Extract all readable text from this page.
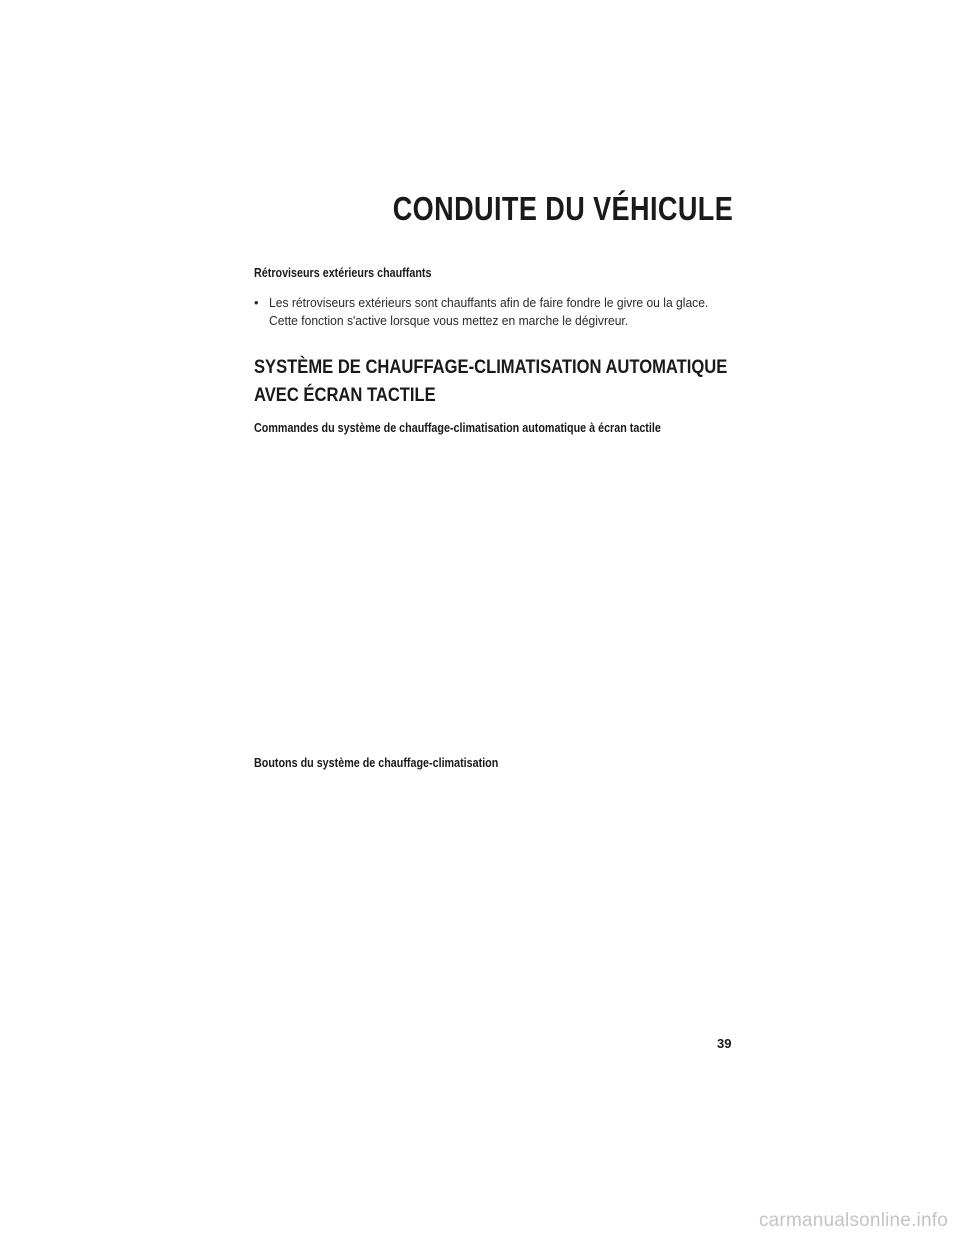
CONDUITE DU VÉHICULE
Rétroviseurs extérieurs chauffants
• Les rétroviseurs extérieurs sont chauffants afin de faire fondre le givre ou la glace. Cette fonction s'active lorsque vous mettez en marche le dégivreur.
SYSTÈME DE CHAUFFAGE-CLIMATISATION AUTOMATIQUE
AVEC ÉCRAN TACTILE
Commandes du système de chauffage-climatisation automatique à écran tactile
Boutons du système de chauffage-climatisation
39
carmanualsonline.info
